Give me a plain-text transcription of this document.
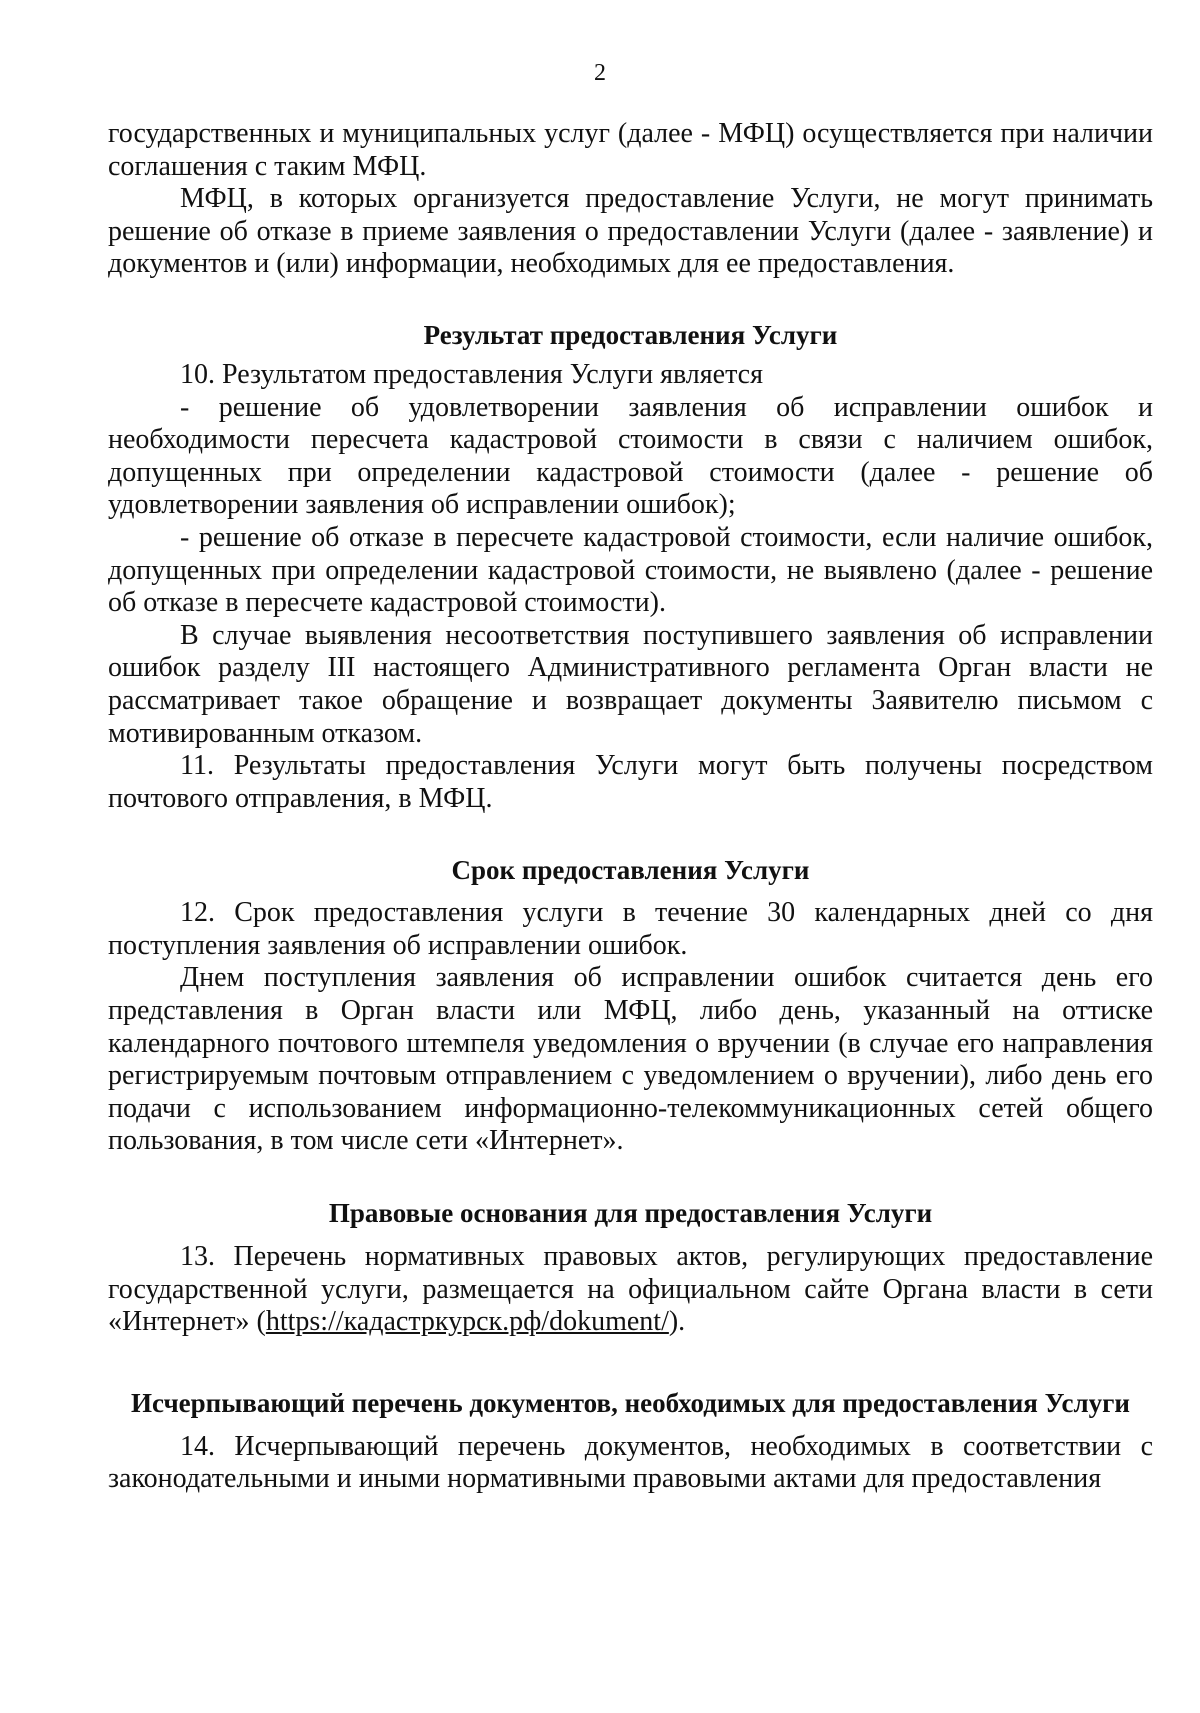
2

государственных и муниципальных услуг (далее - МФЦ) осуществляется при наличии соглашения с таким МФЦ.

МФЦ, в которых организуется предоставление Услуги, не могут принимать решение об отказе в приеме заявления о предоставлении Услуги (далее - заявление) и документов и (или) информации, необходимых для ее предоставления.

Результат предоставления Услуги

10. Результатом предоставления Услуги является

- решение об удовлетворении заявления об исправлении ошибок и необходимости пересчета кадастровой стоимости в связи с наличием ошибок, допущенных при определении кадастровой стоимости (далее - решение об удовлетворении заявления об исправлении ошибок);

- решение об отказе в пересчете кадастровой стоимости, если наличие ошибок, допущенных при определении кадастровой стоимости, не выявлено (далее - решение об отказе в пересчете кадастровой стоимости).

В случае выявления несоответствия поступившего заявления об исправлении ошибок разделу III настоящего Административного регламента Орган власти не рассматривает такое обращение и возвращает документы Заявителю письмом с мотивированным отказом.

11. Результаты предоставления Услуги могут быть получены посредством почтового отправления, в МФЦ.

Срок предоставления Услуги

12. Срок предоставления услуги в течение 30 календарных дней со дня поступления заявления об исправлении ошибок.

Днем поступления заявления об исправлении ошибок считается день его представления в Орган власти или МФЦ, либо день, указанный на оттиске календарного почтового штемпеля уведомления о вручении (в случае его направления регистрируемым почтовым отправлением с уведомлением о вручении), либо день его подачи с использованием информационно-телекоммуникационных сетей общего пользования, в том числе сети «Интернет».

Правовые основания для предоставления Услуги

13. Перечень нормативных правовых актов, регулирующих предоставление государственной услуги, размещается на официальном сайте Органа власти в сети «Интернет» (https://кадастркурск.рф/dokument/).

Исчерпывающий перечень документов, необходимых для предоставления Услуги

14. Исчерпывающий перечень документов, необходимых в соответствии с законодательными и иными нормативными правовыми актами для предоставления
